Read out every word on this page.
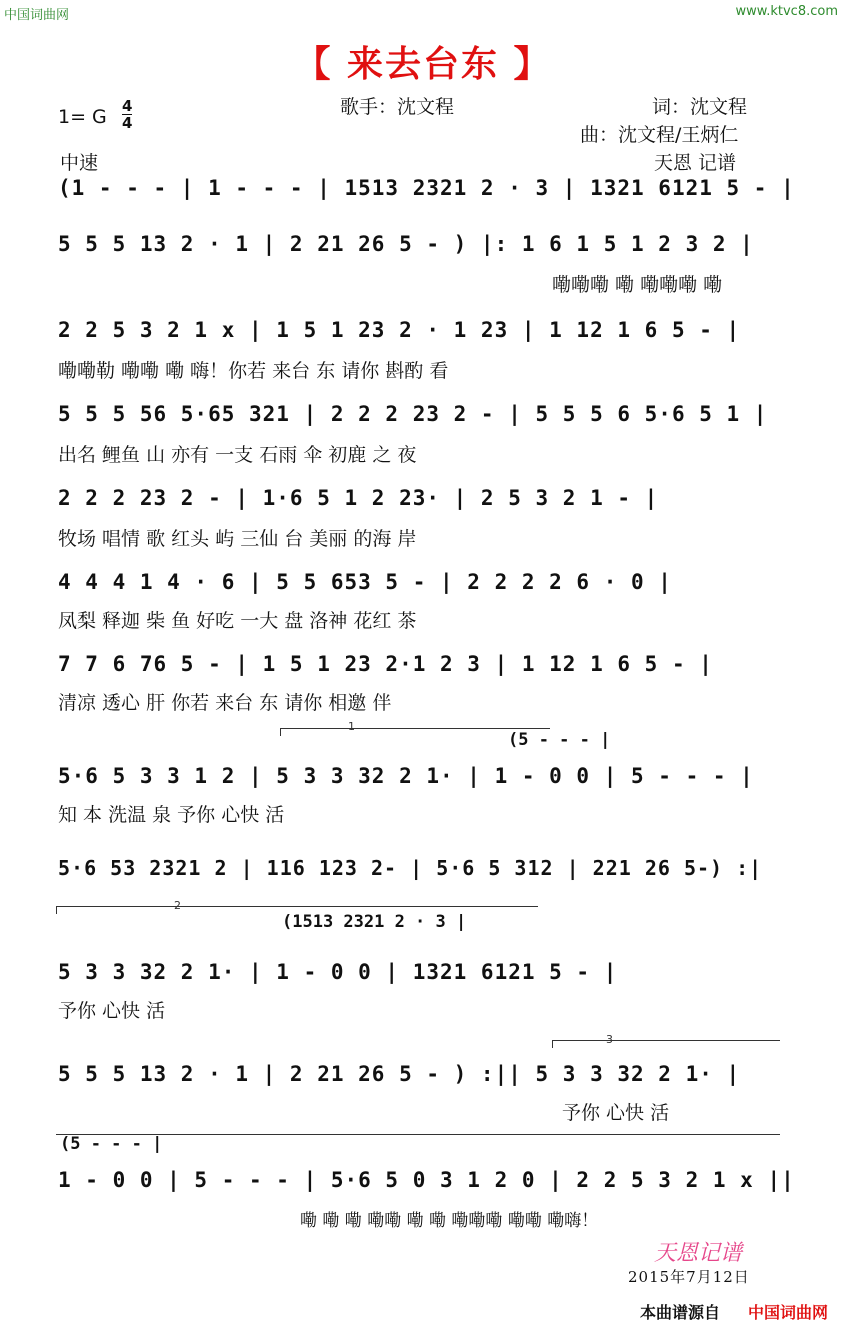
中国词曲网	www.ktvc8.com
【 来去台东 】
歌手：沈文程	词：沈文程
曲：沈文程/王炳仁
1= G $\frac{4}{4}$
中速	天恩 记谱
(1 - - - | 1 - - - | 1513 2321 2 · 3 | 1321 6121 5 - |
5 5 5 13 2 · 1 | 2 21 26 5 - ) |: 1 6 1 5 1 2 3 2 |
嘞嘞嘞 嘞 嘞嘞嘞 嘞
2 2 5 3 2 1 x | 1 5 1 23 2 · 1 23 | 1 12 1 6 5 - |
嘞嘞勒 嘞嘞 嘞 嗨！你若 来台 东 请你 斟酌 看
5 5 5 56 5·65 321 | 2 2 2 23 2 - | 5 5 5 6 5·6 5 1 |
出名 鲤鱼 山 亦有 一支 石雨 伞 初鹿 之 夜
2 2 2 23 2 - | 1·6 5 1 2 23· | 2 5 3 2 1 - |
牧场 唱情 歌 红头 屿 三仙 台 美丽 的海 岸
4 4 4 1 4 · 6 | 5 5 653 5 - | 2 2 2 2 6 · 0 |
凤梨 释迦 柴 鱼 好吃 一大 盘 洛神 花红 茶
7 7 6 76 5 - | 1 5 1 23 2·1 2 3 | 1 12 1 6 5 - |
清凉 透心 肝 你若 来台 东 请你 相邀 伴
1
(5 - - - |
5·6 5 3 3 1 2 | 5 3 3 32 2 1· | 1 - 0 0 | 5 - - - |
知 本 洗温 泉 予你 心快 活
5·6 53 2321 2 | 116 123 2- | 5·6 5 312 | 221 26 5-) :|
2
(1513 2321 2 · 3 |
5 3 3 32 2 1· | 1 - 0 0 | 1321 6121 5 - |
予你 心快 活
3
5 5 5 13 2 · 1 | 2 21 26 5 - ) :|| 5 3 3 32 2 1· |
予你 心快 活
(5 - - - |
1 - 0 0 | 5 - - - | 5·6 5 0 3 1 2 0 | 2 2 5 3 2 1 x ||
嘞 嘞 嘞 嘞嘞 嘞 嘞 嘞嘞嘞 嘞嘞 嘞嗨！
天恩记谱
2015年7月12日
本曲谱源自 中国词曲网
